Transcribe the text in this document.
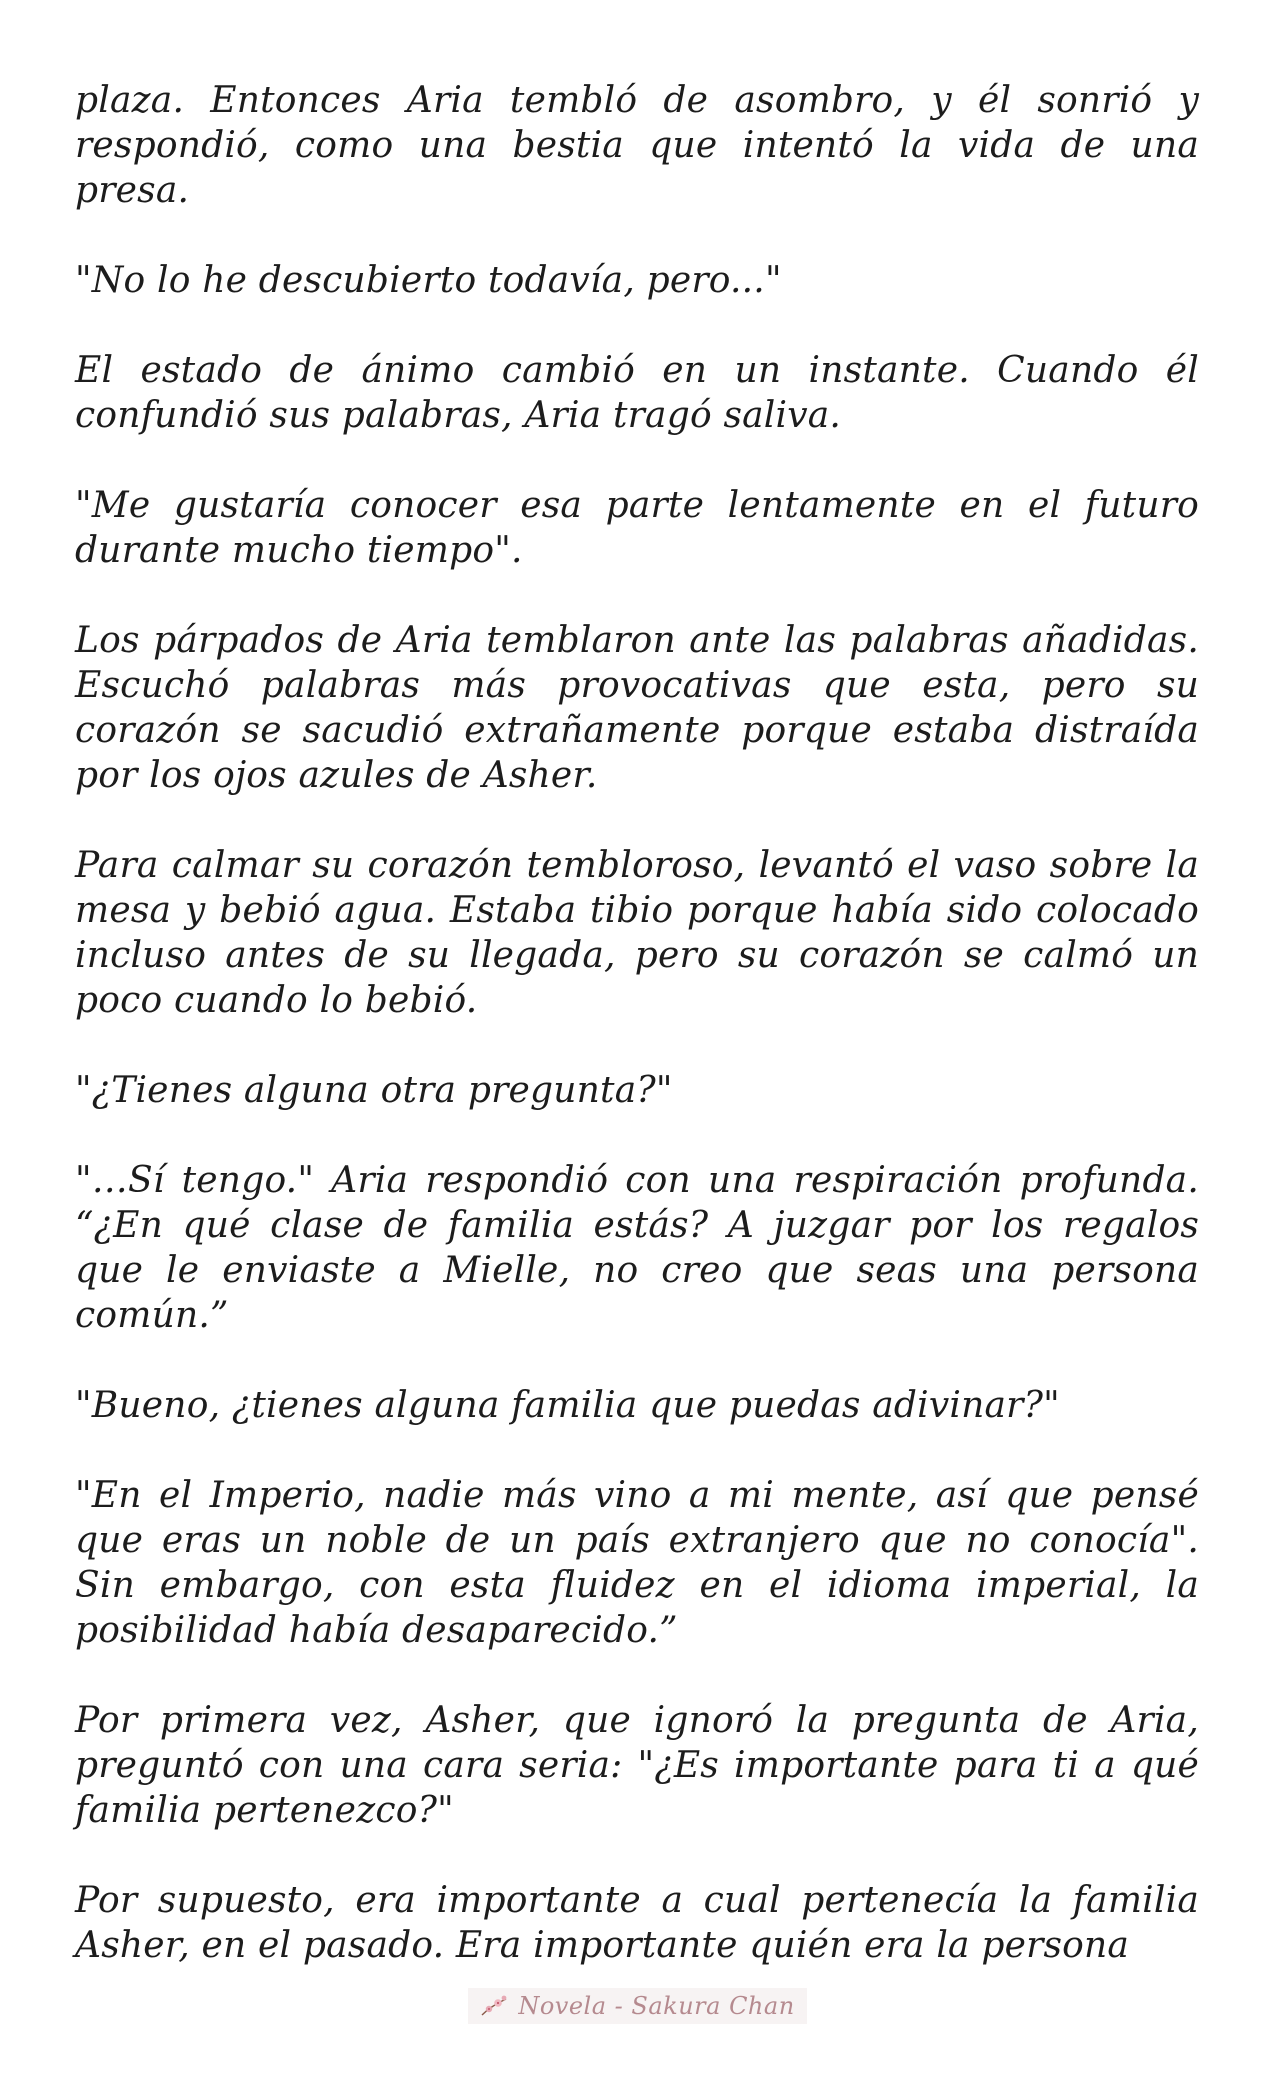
plaza. Entonces Aria tembló de asombro, y él sonrió y respondió, como una bestia que intentó la vida de una presa.

"No lo he descubierto todavía, pero..."

El estado de ánimo cambió en un instante. Cuando él confundió sus palabras, Aria tragó saliva.

"Me gustaría conocer esa parte lentamente en el futuro durante mucho tiempo".

Los párpados de Aria temblaron ante las palabras añadidas. Escuchó palabras más provocativas que esta, pero su corazón se sacudió extrañamente porque estaba distraída por los ojos azules de Asher.

Para calmar su corazón tembloroso, levantó el vaso sobre la mesa y bebió agua. Estaba tibio porque había sido colocado incluso antes de su llegada, pero su corazón se calmó un poco cuando lo bebió.

"¿Tienes alguna otra pregunta?"

"…Sí tengo." Aria respondió con una respiración profunda. “¿En qué clase de familia estás? A juzgar por los regalos que le enviaste a Mielle, no creo que seas una persona común.”

"Bueno, ¿tienes alguna familia que puedas adivinar?"

"En el Imperio, nadie más vino a mi mente, así que pensé que eras un noble de un país extranjero que no conocía". Sin embargo, con esta fluidez en el idioma imperial, la posibilidad había desaparecido.”

Por primera vez, Asher, que ignoró la pregunta de Aria, preguntó con una cara seria: "¿Es importante para ti a qué familia pertenezco?"

Por supuesto, era importante a cual pertenecía la familia Asher, en el pasado. Era importante quién era la persona

Novela - Sakura Chan
